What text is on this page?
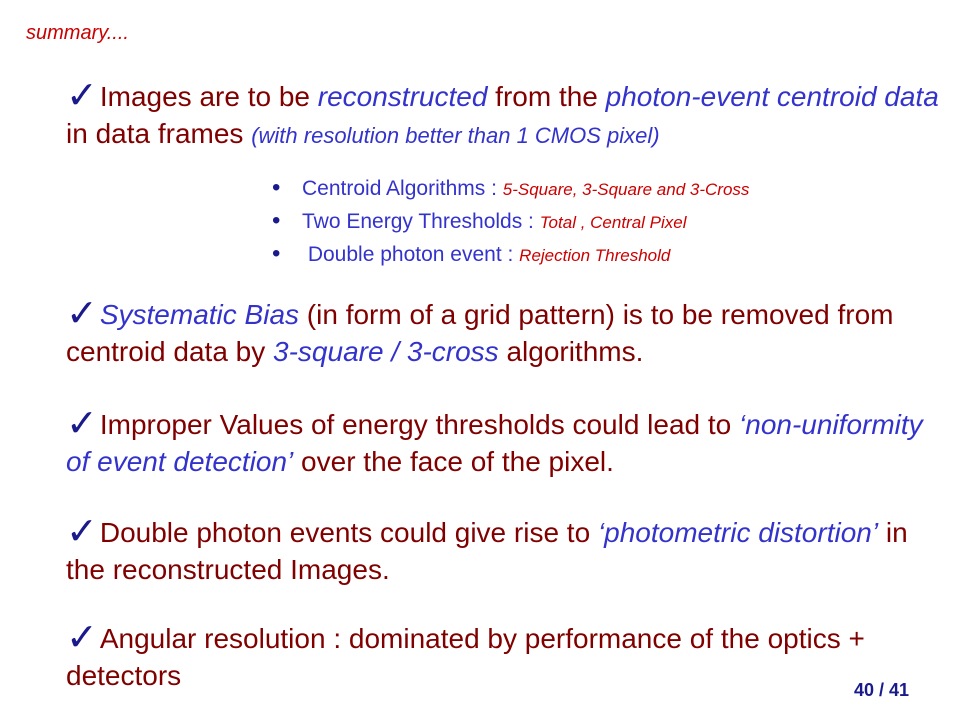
summary....
✓Images are to be reconstructed from the photon-event centroid data in data frames (with resolution better than 1 CMOS pixel)
• Centroid Algorithms : 5-Square, 3-Square and 3-Cross
• Two Energy Thresholds : Total , Central Pixel
• Double photon event : Rejection Threshold
✓Systematic Bias (in form of a grid pattern) is to be removed from centroid data by 3-square / 3-cross algorithms.
✓Improper Values of energy thresholds could lead to ‘non-uniformity of event detection’ over the face of the pixel.
✓Double photon events could give rise to ‘photometric distortion’ in the reconstructed Images.
✓Angular resolution : dominated by performance of the optics + detectors	40 / 41
